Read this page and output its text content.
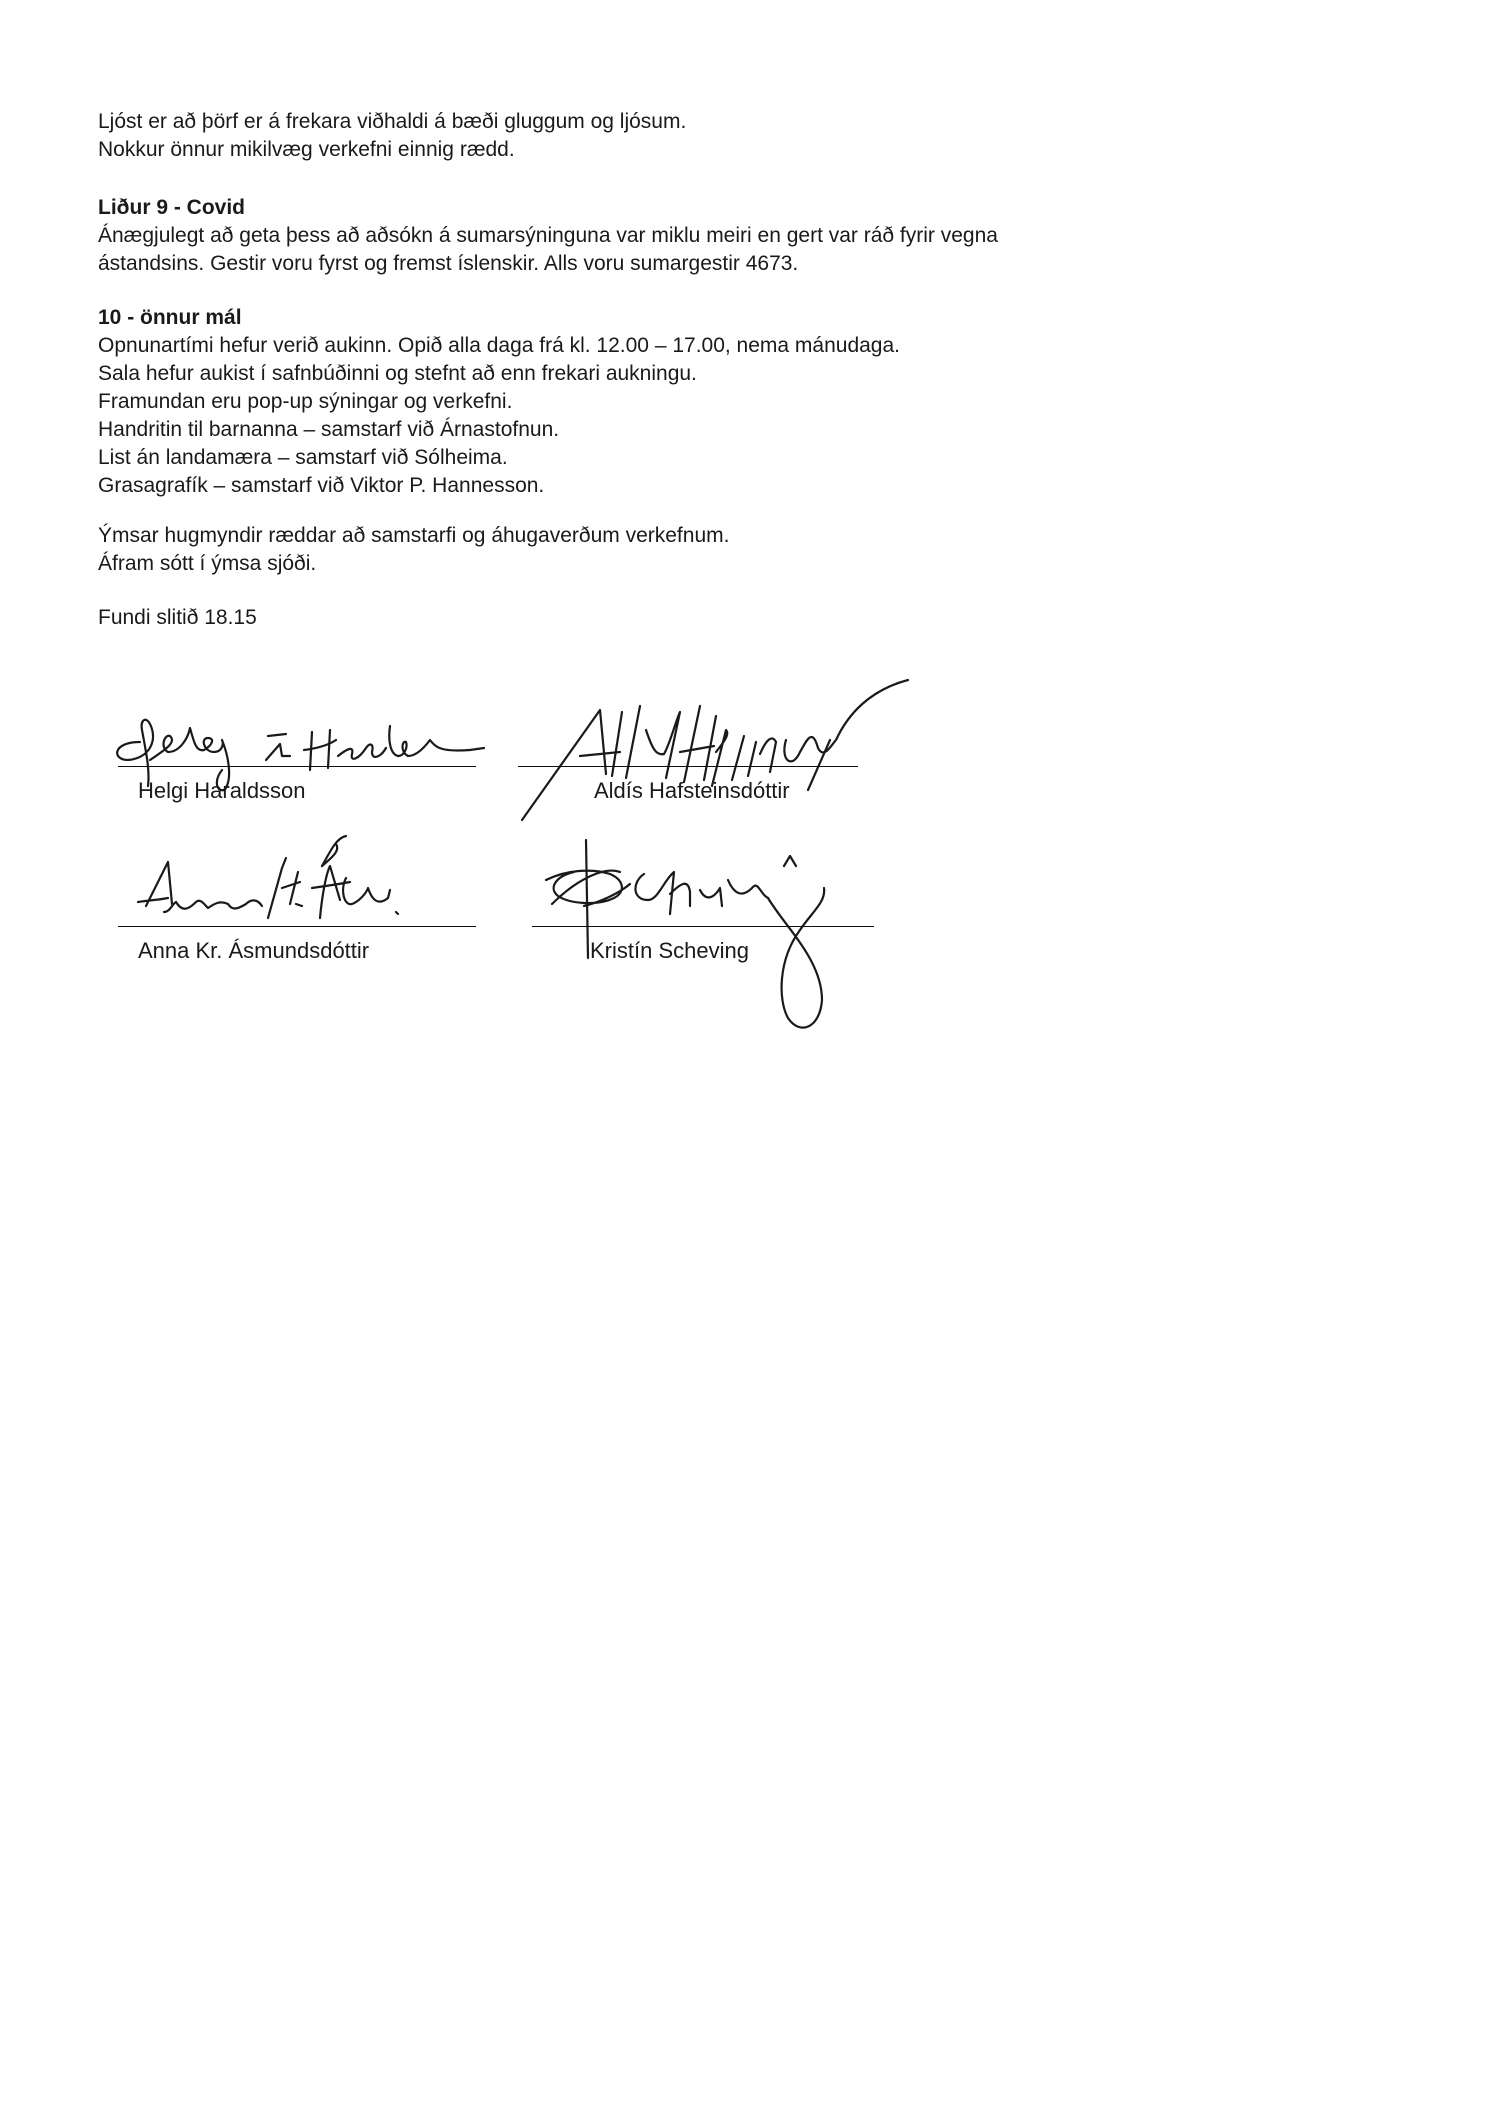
Ljóst er að þörf er á frekara viðhaldi á bæði gluggum og ljósum.
Nokkur önnur mikilvæg verkefni einnig rædd.
Liður 9 - Covid
Ánægjulegt að geta þess að aðsókn á sumarsýninguna var miklu meiri en gert var ráð fyrir vegna
ástandsins. Gestir voru fyrst og fremst íslenskir. Alls voru sumargestir 4673.
10 - önnur mál
Opnunartími hefur verið aukinn. Opið alla daga frá kl. 12.00 – 17.00, nema mánudaga.
Sala hefur aukist í safnbúðinni og stefnt að enn frekari aukningu.
Framundan eru pop-up sýningar og verkefni.
Handritin til barnanna – samstarf við Árnastofnun.
List án landamæra – samstarf við Sólheima.
Grasagrafík – samstarf við Viktor P. Hannesson.
Ýmsar hugmyndir ræddar að samstarfi og áhugaverðum verkefnum.
Áfram sótt í ýmsa sjóði.
Fundi slitið 18.15
Helgi Haraldsson	Aldís Hafsteinsdóttir
Anna Kr. Ásmundsdóttir	Kristín Scheving
